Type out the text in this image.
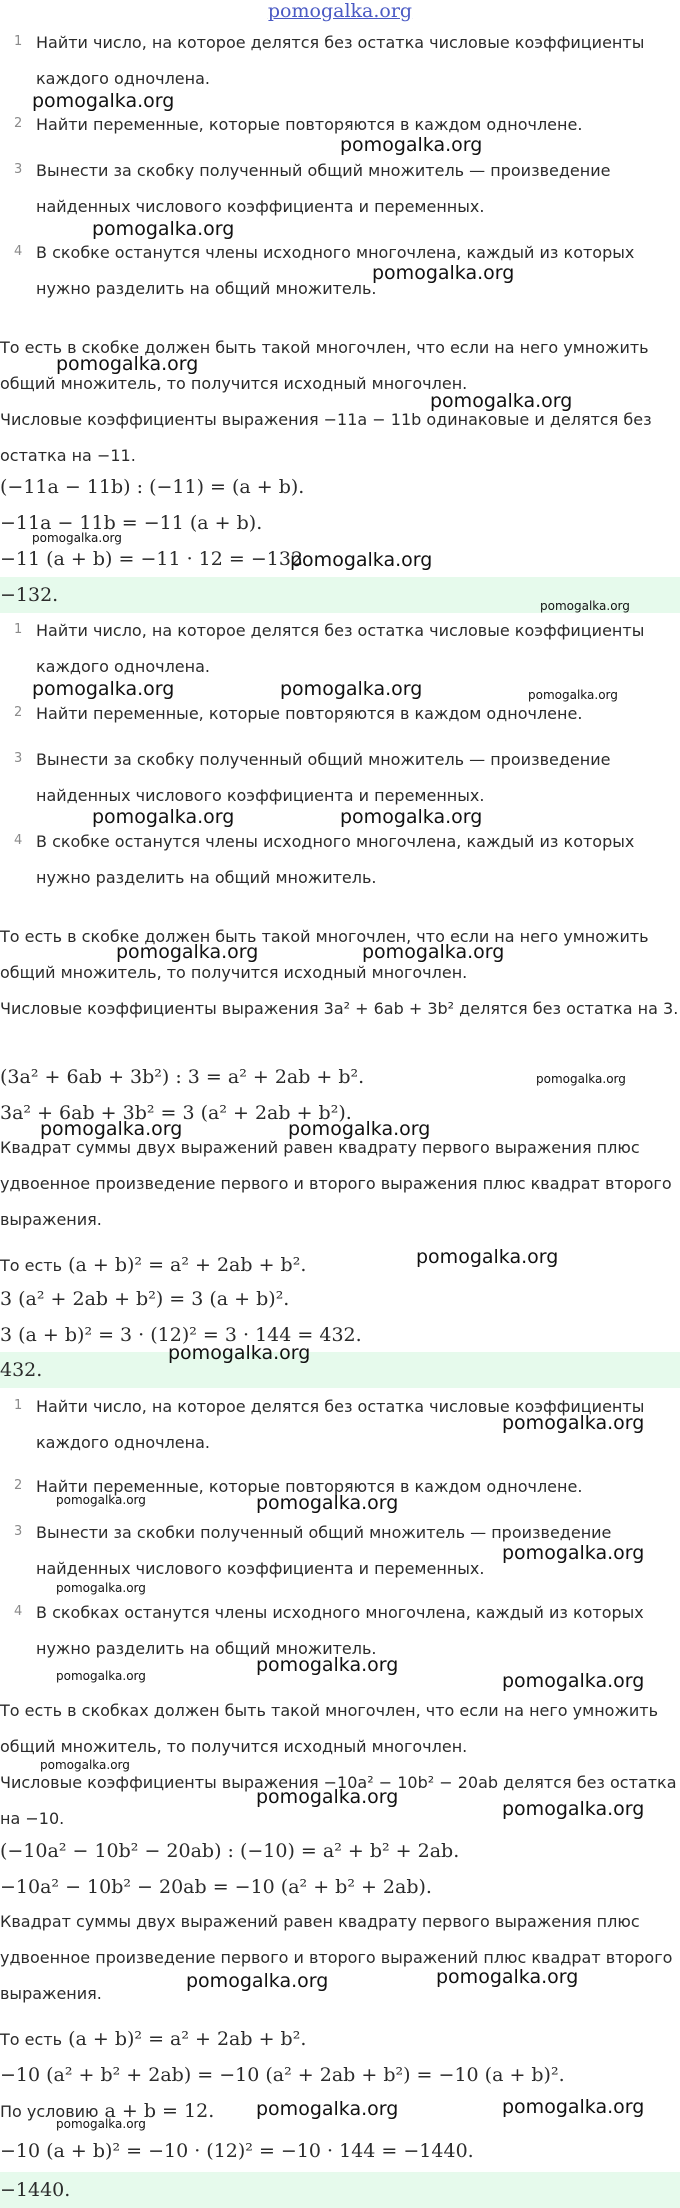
pomogalka.org
1 Найти число, на которое делятся без остатка числовые коэффициенты каждого одночлена.
2 Найти переменные, которые повторяются в каждом одночлене.
3 Вынести за скобку полученный общий множитель — произведение найденных числового коэффициента и переменных.
4 В скобке останутся члены исходного многочлена, каждый из которых нужно разделить на общий множитель.
То есть в скобке должен быть такой многочлен, что если на него умножить общий множитель, то получится исходный многочлен.
Числовые коэффициенты выражения −11a − 11b одинаковые и делятся без остатка на −11.
(−11a − 11b) : (−11) = (a + b).
−11a − 11b = −11 (a + b).
−11 (a + b) = −11 · 12 = −132
−132.
1 Найти число, на которое делятся без остатка числовые коэффициенты каждого одночлена.
2 Найти переменные, которые повторяются в каждом одночлене.
3 Вынести за скобку полученный общий множитель — произведение найденных числового коэффициента и переменных.
4 В скобке останутся члены исходного многочлена, каждый из которых нужно разделить на общий множитель.
То есть в скобке должен быть такой многочлен, что если на него умножить общий множитель, то получится исходный многочлен.
Числовые коэффициенты выражения 3a² + 6ab + 3b² делятся без остатка на 3.
(3a² + 6ab + 3b²) : 3 = a² + 2ab + b².
3a² + 6ab + 3b² = 3 (a² + 2ab + b²).
Квадрат суммы двух выражений равен квадрату первого выражения плюс удвоенное произведение первого и второго выражения плюс квадрат второго выражения.
То есть (a + b)² = a² + 2ab + b².
3 (a² + 2ab + b²) = 3 (a + b)².
3 (a + b)² = 3 · (12)² = 3 · 144 = 432.
432.
1 Найти число, на которое делятся без остатка числовые коэффициенты каждого одночлена.
2 Найти переменные, которые повторяются в каждом одночлене.
3 Вынести за скобки полученный общий множитель — произведение найденных числового коэффициента и переменных.
4 В скобках останутся члены исходного многочлена, каждый из которых нужно разделить на общий множитель.
То есть в скобках должен быть такой многочлен, что если на него умножить общий множитель, то получится исходный многочлен.
Числовые коэффициенты выражения −10a² − 10b² − 20ab делятся без остатка на −10.
(−10a² − 10b² − 20ab) : (−10) = a² + b² + 2ab.
−10a² − 10b² − 20ab = −10 (a² + b² + 2ab).
Квадрат суммы двух выражений равен квадрату первого выражения плюс удвоенное произведение первого и второго выражений плюс квадрат второго выражения.
То есть (a + b)² = a² + 2ab + b².
−10 (a² + b² + 2ab) = −10 (a² + 2ab + b²) = −10 (a + b)².
По условию a + b = 12.
−10 (a + b)² = −10 · (12)² = −10 · 144 = −1440.
−1440.
pomogalka.org
pomogalka.org
pomogalka.org
pomogalka.org
pomogalka.org
pomogalka.org
pomogalka.org
pomogalka.org
pomogalka.org
pomogalka.org	pomogalka.org	pomogalka.org
pomogalka.org	pomogalka.org
pomogalka.org	pomogalka.org
pomogalka.org
pomogalka.org	pomogalka.org
pomogalka.org
pomogalka.org
pomogalka.org
pomogalka.org	pomogalka.org
pomogalka.org
pomogalka.org
pomogalka.org
pomogalka.org	pomogalka.org
pomogalka.org
pomogalka.org
pomogalka.org
pomogalka.org	pomogalka.org
pomogalka.org	pomogalka.org
pomogalka.org
